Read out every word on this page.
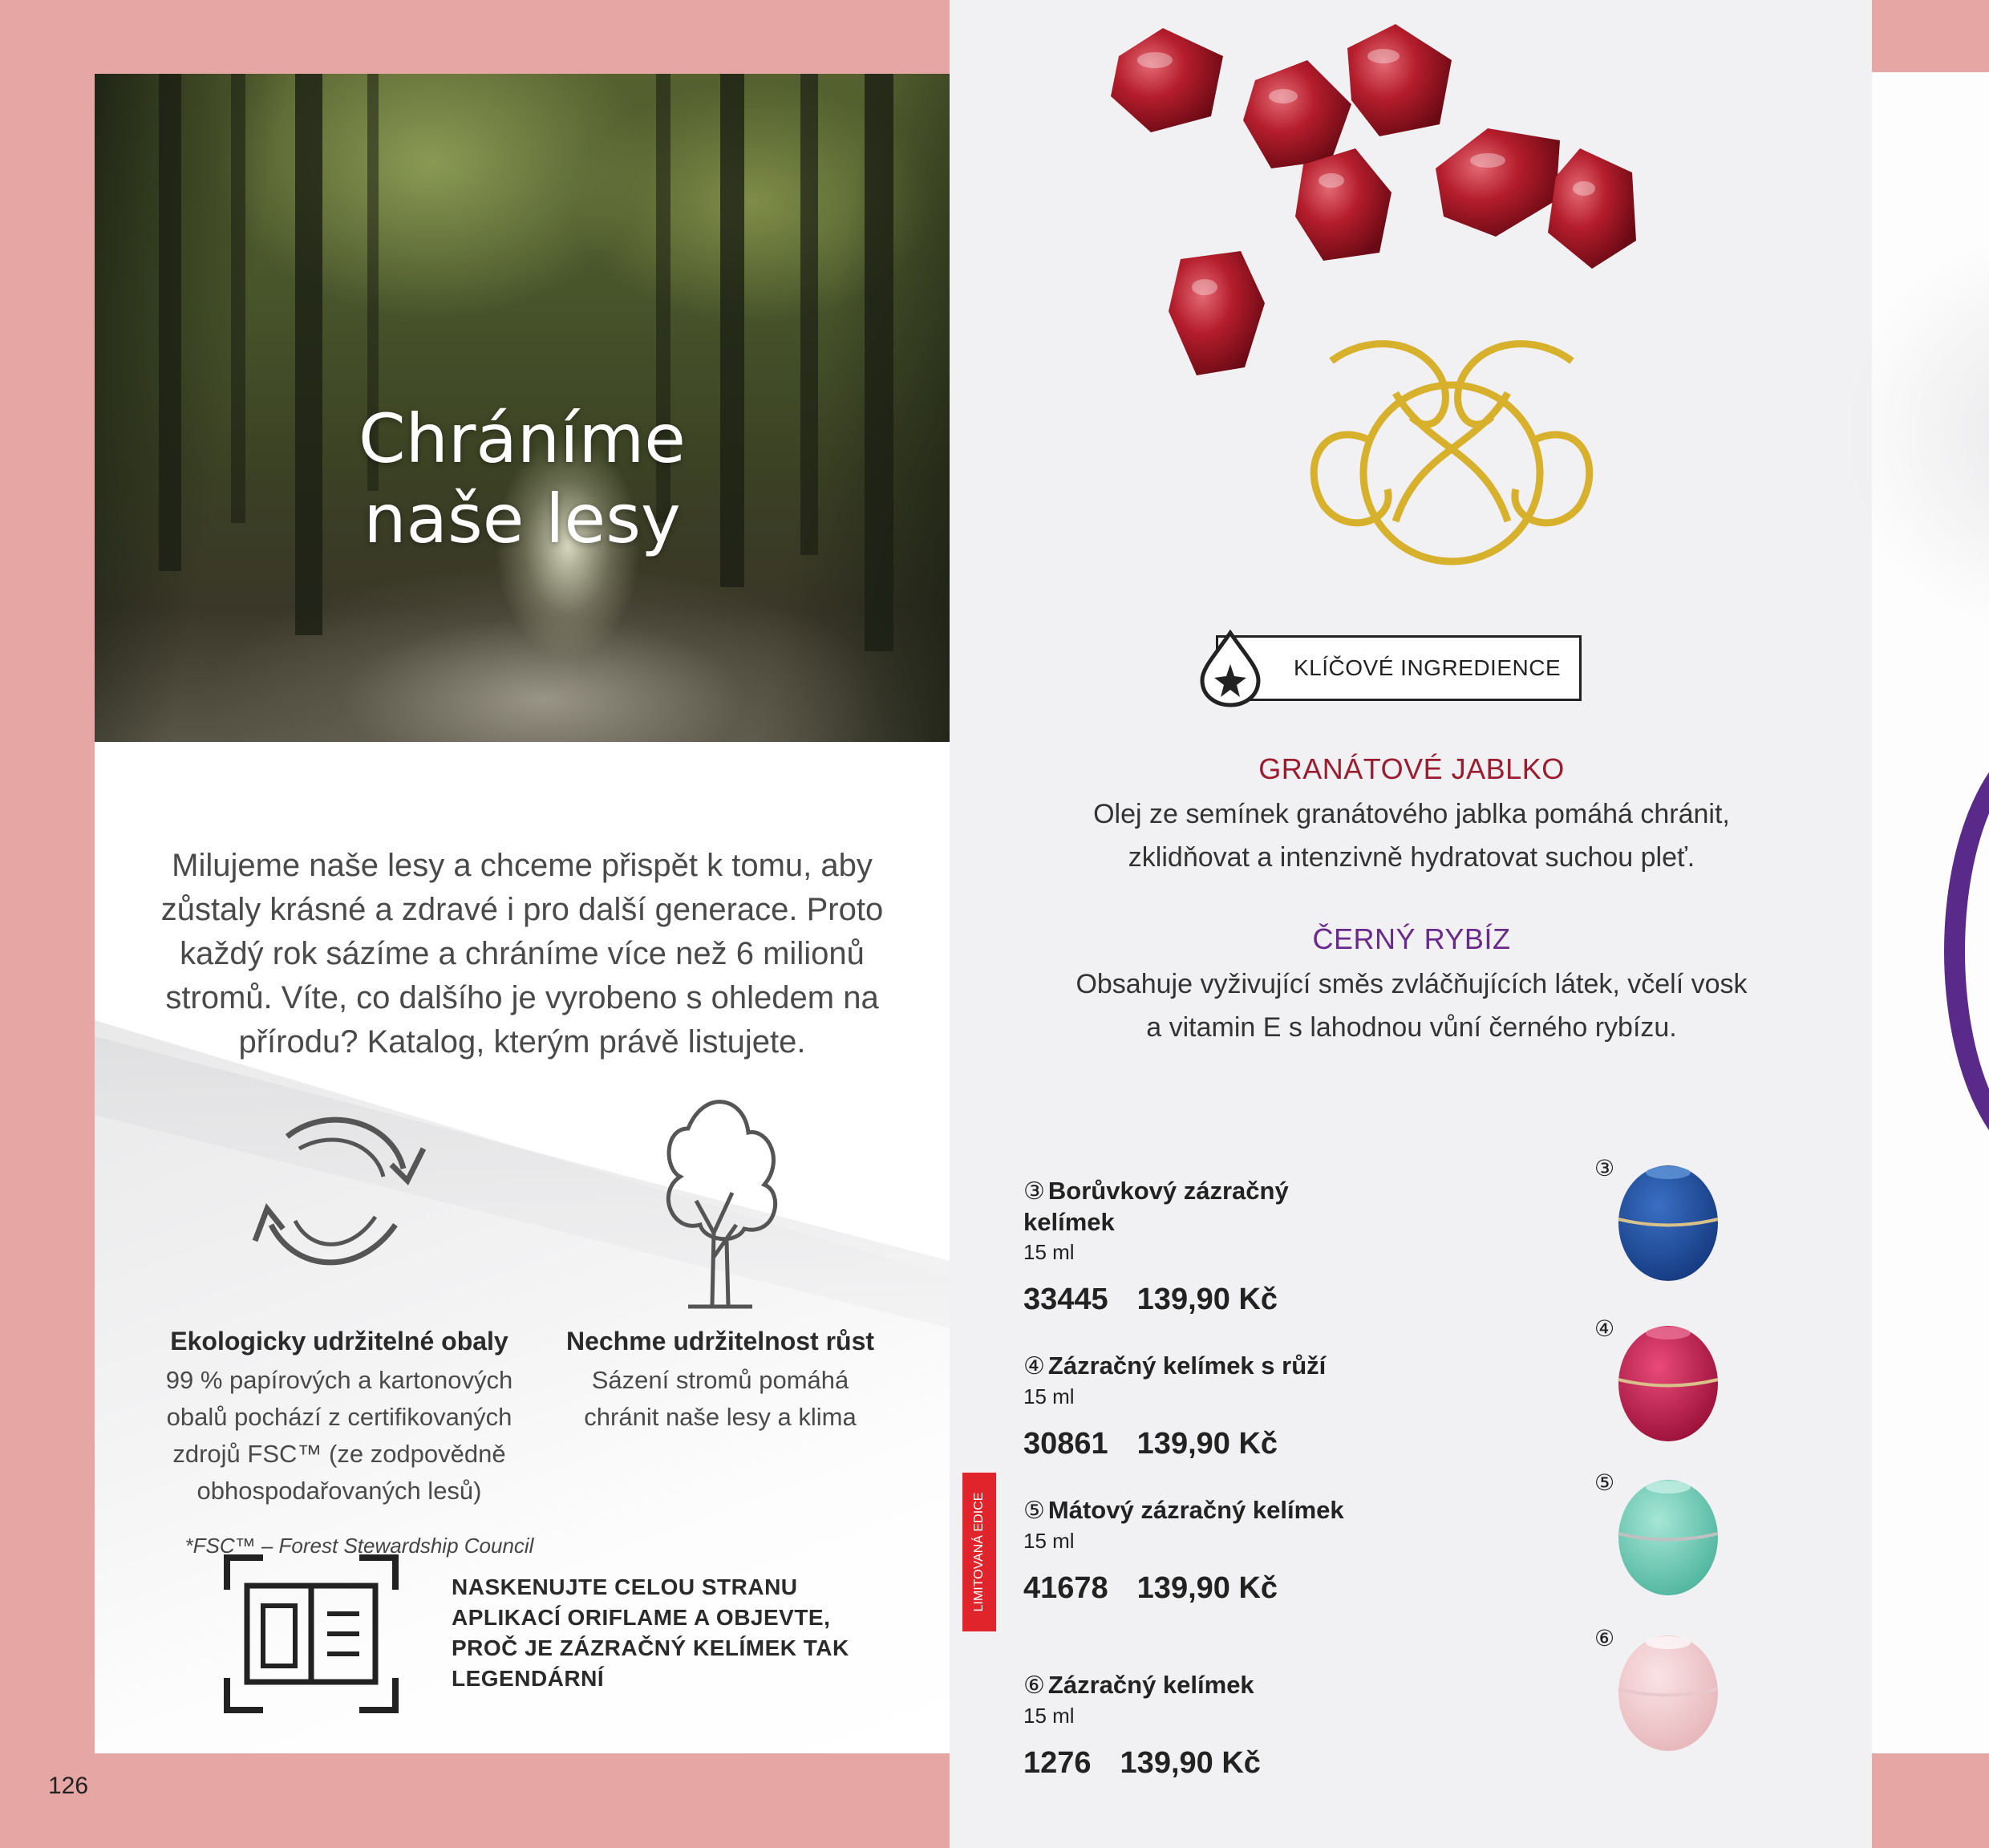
Chráníme
naše lesy
Milujeme naše lesy a chceme přispět k tomu, aby zůstaly krásné a zdravé i pro další generace. Proto každý rok sázíme a chráníme více než 6 milionů stromů. Víte, co dalšího je vyrobeno s ohledem na přírodu? Katalog, kterým právě listujete.
Ekologicky udržitelné obaly
99 % papírových a kartonových obalů pochází z certifikovaných zdrojů FSC™ (ze zodpovědně obhospodařovaných lesů)
Nechme udržitelnost růst
Sázení stromů pomáhá chránit naše lesy a klima
*FSC™ – Forest Stewardship Council
NASKENUJTE CELOU STRANU APLIKACÍ ORIFLAME A OBJEVTE, PROČ JE ZÁZRAČNÝ KELÍMEK TAK LEGENDÁRNÍ
126
KLÍČOVÉ INGREDIENCE
GRANÁTOVÉ JABLKO
Olej ze semínek granátového jablka pomáhá chránit,
zklidňovat a intenzivně hydratovat suchou pleť.
ČERNÝ RYBÍZ
Obsahuje vyživující směs zvláčňujících látek, včelí vosk
a vitamin E s lahodnou vůní černého rybízu.
LIMITOVANÁ EDICE
③ Borůvkový zázračný kelímek
15 ml
33445 139,90 Kč
④ Zázračný kelímek s růží
15 ml
30861 139,90 Kč
⑤ Mátový zázračný kelímek
15 ml
41678 139,90 Kč
⑥ Zázračný kelímek
15 ml
1276 139,90 Kč
③
④
⑤
⑥
